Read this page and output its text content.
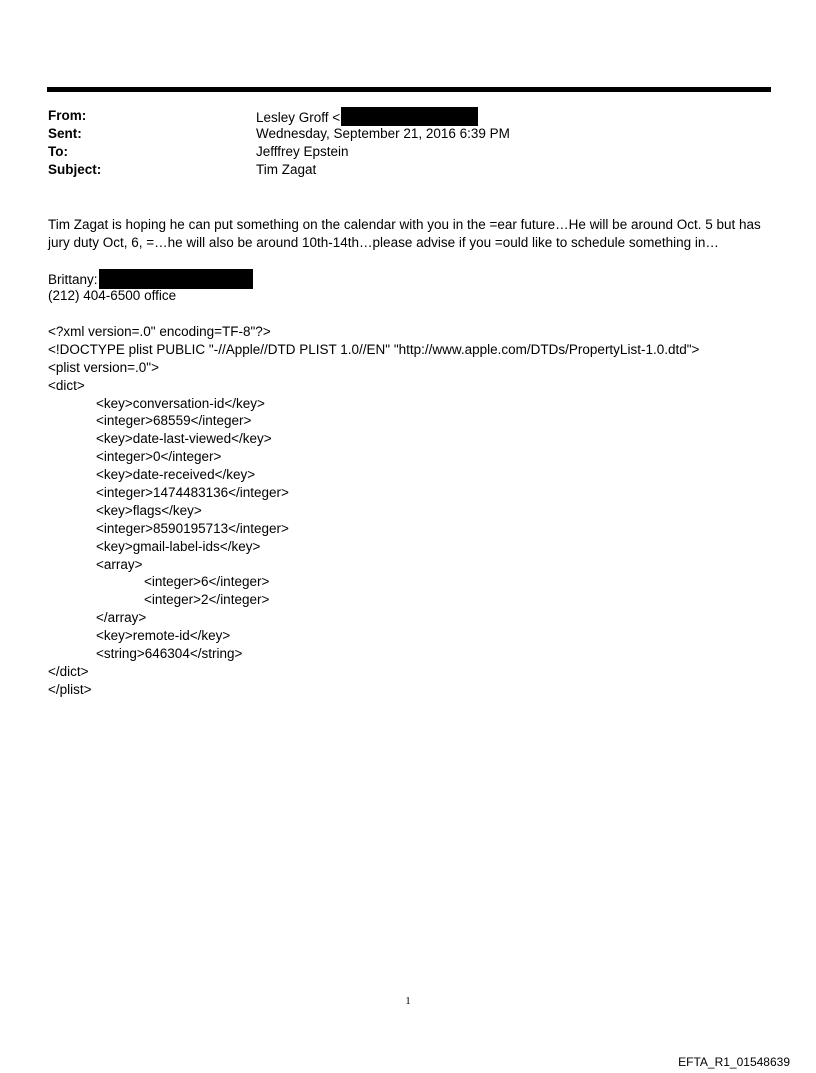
From:	Lesley Groff <
Sent:	Wednesday, September 21, 2016 6:39 PM
To:	Jefffrey Epstein
Subject:	Tim Zagat

Tim Zagat is hoping he can put something on the calendar with you in the =ear future…He will be around Oct. 5 but has jury duty Oct, 6, =…he will also be around 10th-14th…please advise if you =ould like to schedule something in…

Brittany:
(212) 404-6500 office
<?xml version=.0" encoding=TF-8"?>
<!DOCTYPE plist PUBLIC "-//Apple//DTD PLIST 1.0//EN" "http://www.apple.com/DTDs/PropertyList-1.0.dtd">
<plist version=.0">
<dict>
<key>conversation-id</key>
<integer>68559</integer>
<key>date-last-viewed</key>
<integer>0</integer>
<key>date-received</key>
<integer>1474483136</integer>
<key>flags</key>
<integer>8590195713</integer>
<key>gmail-label-ids</key>
<array>
<integer>6</integer>
<integer>2</integer>
</array>
<key>remote-id</key>
<string>646304</string>
</dict>
</plist>
1
EFTA_R1_01548639
